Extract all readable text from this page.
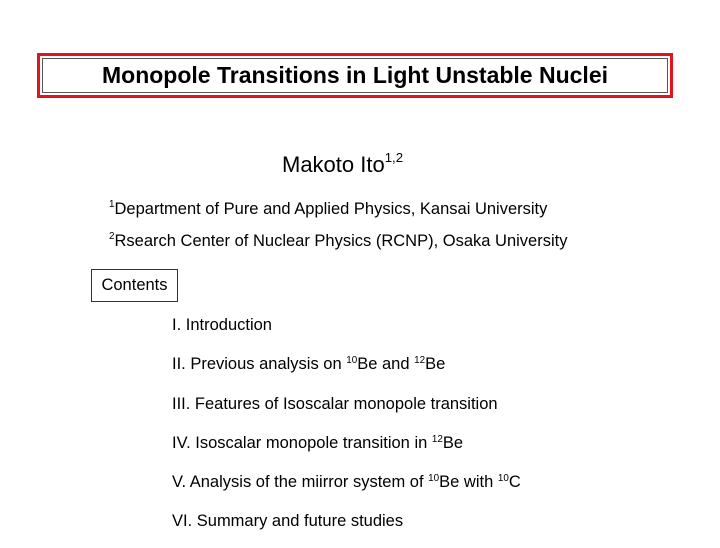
Monopole Transitions in Light Unstable Nuclei
Makoto Ito$^{1,2}$
$^1$Department of Pure and Applied Physics, Kansai University
$^2$Rsearch Center of Nuclear Physics (RCNP), Osaka University
Contents
I. Introduction
II. Previous analysis on $^{10}$Be and $^{12}$Be
III. Features of Isoscalar monopole transition
IV. Isoscalar monopole transition in $^{12}$Be
V. Analysis of the miirror system of $^{10}$Be with $^{10}$C
VI. Summary and future studies
